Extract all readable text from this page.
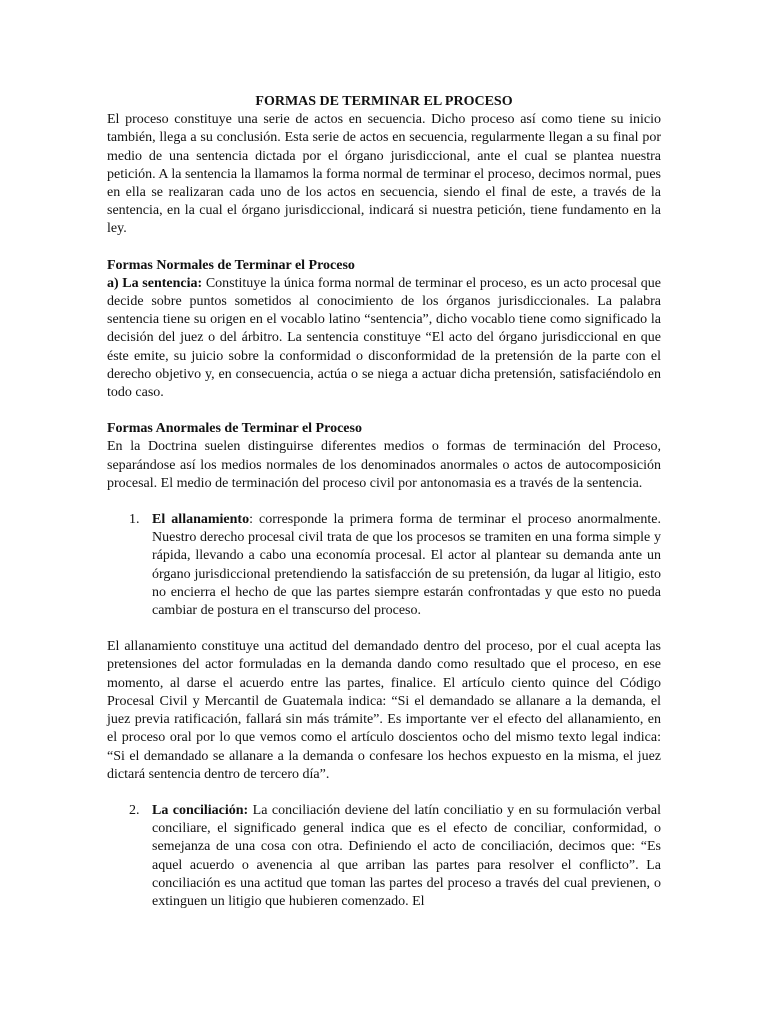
FORMAS DE TERMINAR EL PROCESO

El proceso constituye una serie de actos en secuencia. Dicho proceso así como tiene su inicio también, llega a su conclusión. Esta serie de actos en secuencia, regularmente llegan a su final por medio de una sentencia dictada por el órgano jurisdiccional, ante el cual se plantea nuestra petición. A la sentencia la llamamos la forma normal de terminar el proceso, decimos normal, pues en ella se realizaran cada uno de los actos en secuencia, siendo el final de este, a través de la sentencia, en la cual el órgano jurisdiccional, indicará si nuestra petición, tiene fundamento en la ley.

Formas Normales de Terminar el Proceso

a) La sentencia: Constituye la única forma normal de terminar el proceso, es un acto procesal que decide sobre puntos sometidos al conocimiento de los órganos jurisdiccionales. La palabra sentencia tiene su origen en el vocablo latino “sentencia”, dicho vocablo tiene como significado la decisión del juez o del árbitro. La sentencia constituye “El acto del órgano jurisdiccional en que éste emite, su juicio sobre la conformidad o disconformidad de la pretensión de la parte con el derecho objetivo y, en consecuencia, actúa o se niega a actuar dicha pretensión, satisfaciéndolo en todo caso.

Formas Anormales de Terminar el Proceso

En la Doctrina suelen distinguirse diferentes medios o formas de terminación del Proceso, separándose así los medios normales de los denominados anormales o actos de autocomposición procesal. El medio de terminación del proceso civil por antonomasia es a través de la sentencia.

1. El allanamiento: corresponde la primera forma de terminar el proceso anormalmente. Nuestro derecho procesal civil trata de que los procesos se tramiten en una forma simple y rápida, llevando a cabo una economía procesal. El actor al plantear su demanda ante un órgano jurisdiccional pretendiendo la satisfacción de su pretensión, da lugar al litigio, esto no encierra el hecho de que las partes siempre estarán confrontadas y que esto no pueda cambiar de postura en el transcurso del proceso.

El allanamiento constituye una actitud del demandado dentro del proceso, por el cual acepta las pretensiones del actor formuladas en la demanda dando como resultado que el proceso, en ese momento, al darse el acuerdo entre las partes, finalice. El artículo ciento quince del Código Procesal Civil y Mercantil de Guatemala indica: “Si el demandado se allanare a la demanda, el juez previa ratificación, fallará sin más trámite”. Es importante ver el efecto del allanamiento, en el proceso oral por lo que vemos como el artículo doscientos ocho del mismo texto legal indica: “Si el demandado se allanare a la demanda o confesare los hechos expuesto en la misma, el juez dictará sentencia dentro de tercero día”.

2. La conciliación: La conciliación deviene del latín conciliatio y en su formulación verbal conciliare, el significado general indica que es el efecto de conciliar, conformidad, o semejanza de una cosa con otra. Definiendo el acto de conciliación, decimos que: “Es aquel acuerdo o avenencia al que arriban las partes para resolver el conflicto”. La conciliación es una actitud que toman las partes del proceso a través del cual previenen, o extinguen un litigio que hubieren comenzado. El
